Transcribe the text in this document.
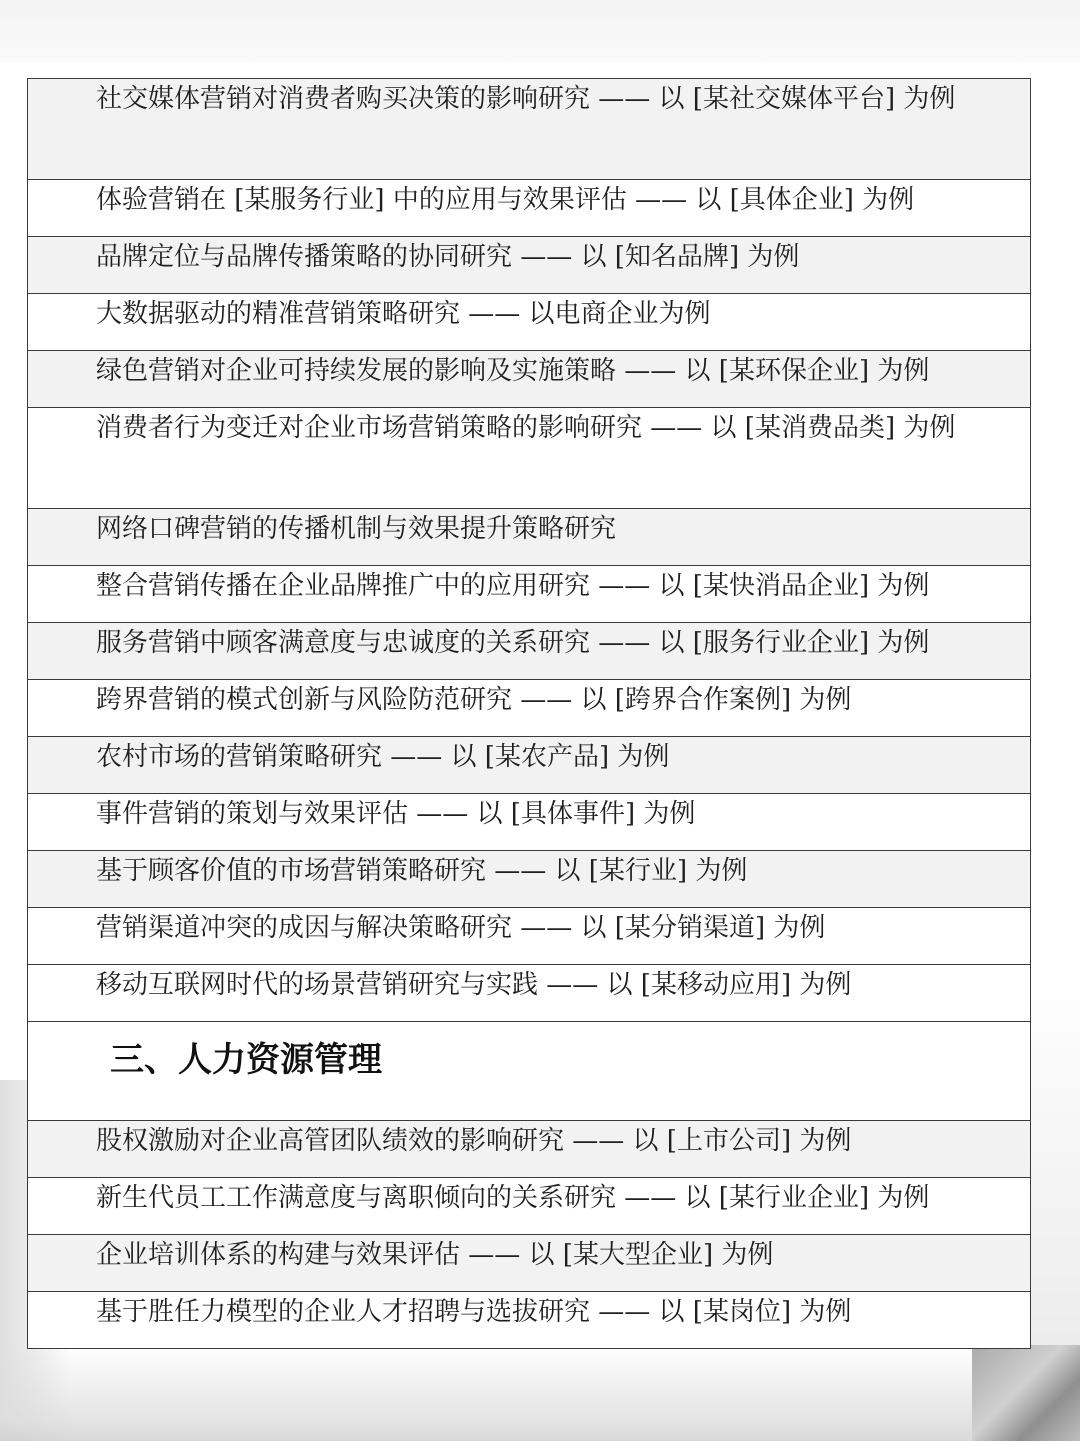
社交媒体营销对消费者购买决策的影响研究 —— 以 [某社交媒体平台] 为例

体验营销在 [某服务行业] 中的应用与效果评估 —— 以 [具体企业] 为例

品牌定位与品牌传播策略的协同研究 —— 以 [知名品牌] 为例

大数据驱动的精准营销策略研究 —— 以电商企业为例

绿色营销对企业可持续发展的影响及实施策略 —— 以 [某环保企业] 为例

消费者行为变迁对企业市场营销策略的影响研究 —— 以 [某消费品类] 为例

网络口碑营销的传播机制与效果提升策略研究

整合营销传播在企业品牌推广中的应用研究 —— 以 [某快消品企业] 为例

服务营销中顾客满意度与忠诚度的关系研究 —— 以 [服务行业企业] 为例

跨界营销的模式创新与风险防范研究 —— 以 [跨界合作案例] 为例

农村市场的营销策略研究 —— 以 [某农产品] 为例

事件营销的策划与效果评估 —— 以 [具体事件] 为例

基于顾客价值的市场营销策略研究 —— 以 [某行业] 为例

营销渠道冲突的成因与解决策略研究 —— 以 [某分销渠道] 为例

移动互联网时代的场景营销研究与实践 —— 以 [某移动应用] 为例

三、人力资源管理

股权激励对企业高管团队绩效的影响研究 —— 以 [上市公司] 为例

新生代员工工作满意度与离职倾向的关系研究 —— 以 [某行业企业] 为例

企业培训体系的构建与效果评估 —— 以 [某大型企业] 为例

基于胜任力模型的企业人才招聘与选拔研究 —— 以 [某岗位] 为例
